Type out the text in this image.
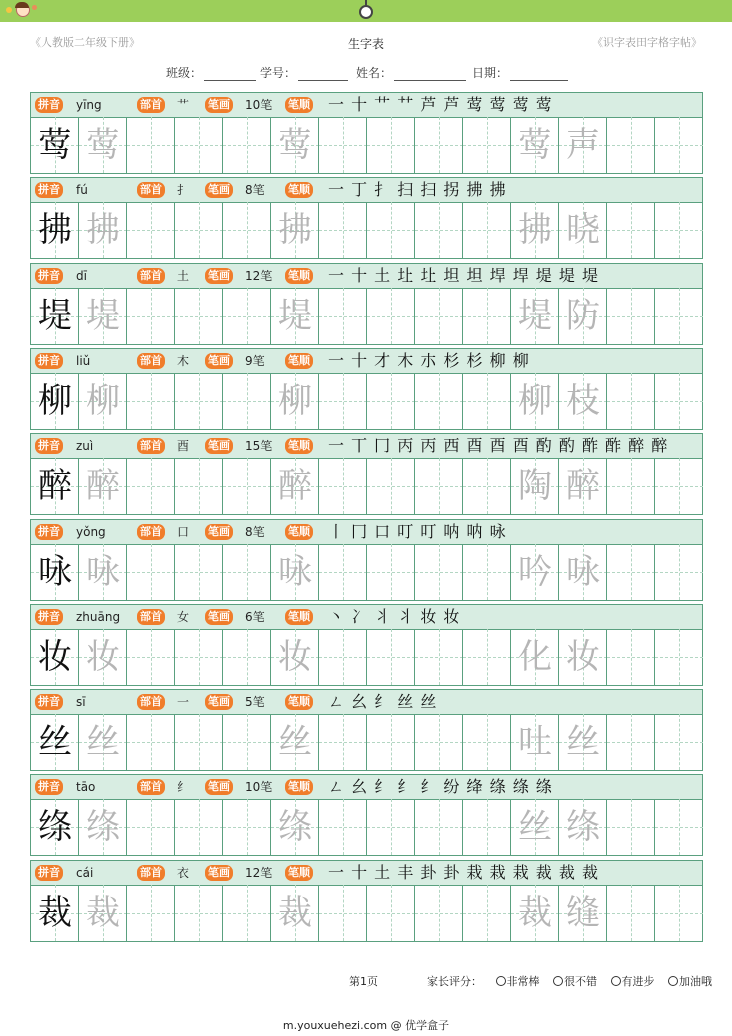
《人教版二年级下册》	生字表	《识字表田字格字帖》
班级：	学号：	姓名：	日期：
拼音 yīng	部首 艹 笔画 10笔 笔顺 一 十 艹 ⺿ 芦 芦 莺 莺 莺 莺
莺 莺	莺	莺 声
拼音 fú	部首 扌 笔画 8笔 笔顺 一 丁 扌 扫 扫 拐 拂 拂
拂 拂	拂	拂 晓
拼音 dī	部首 土 笔画 12笔 笔顺 一 十 土 圵 圵 坦 坦 垾 垾 堤 堤 堤
堤 堤	堤	堤 防
拼音 liǔ	部首 木 笔画 9笔 笔顺 一 十 才 木 朩 杉 杉 柳 柳
柳 柳	柳	柳 枝
拼音 zuì	部首 酉 笔画 15笔 笔顺 一 丅 冂 丙 丙 西 酉 酉 酉 酌 酌 酢 酢 醉 醉
醉 醉	醉	陶 醉
拼音 yǒng	部首 口 笔画 8笔 笔顺 丨 冂 口 叮 叮 呐 呐 咏
咏 咏	咏	吟 咏
拼音 zhuāng 部首 女 笔画 6笔 笔顺 丶 冫 丬 丬 妆 妆
妆 妆	妆	化 妆
拼音 sī	部首 一 笔画 5笔 笔顺 ㄥ 幺 纟 丝 丝
丝 丝	丝	吐 丝
拼音 tāo	部首 纟 笔画 10笔 笔顺 ㄥ 幺 纟 纟 纟 纷 绛 绦 绦 绦
绦 绦	绦	丝 绦
拼音 cái	部首 衣 笔画 12笔 笔顺 一 十 土 丰 卦 卦 栽 栽 栽 裁 裁 裁
裁 裁	裁	裁 缝
第1页	家长评分： 非常棒 很不错 有进步 加油哦
m.youxuehezi.com @ 优学盒子
